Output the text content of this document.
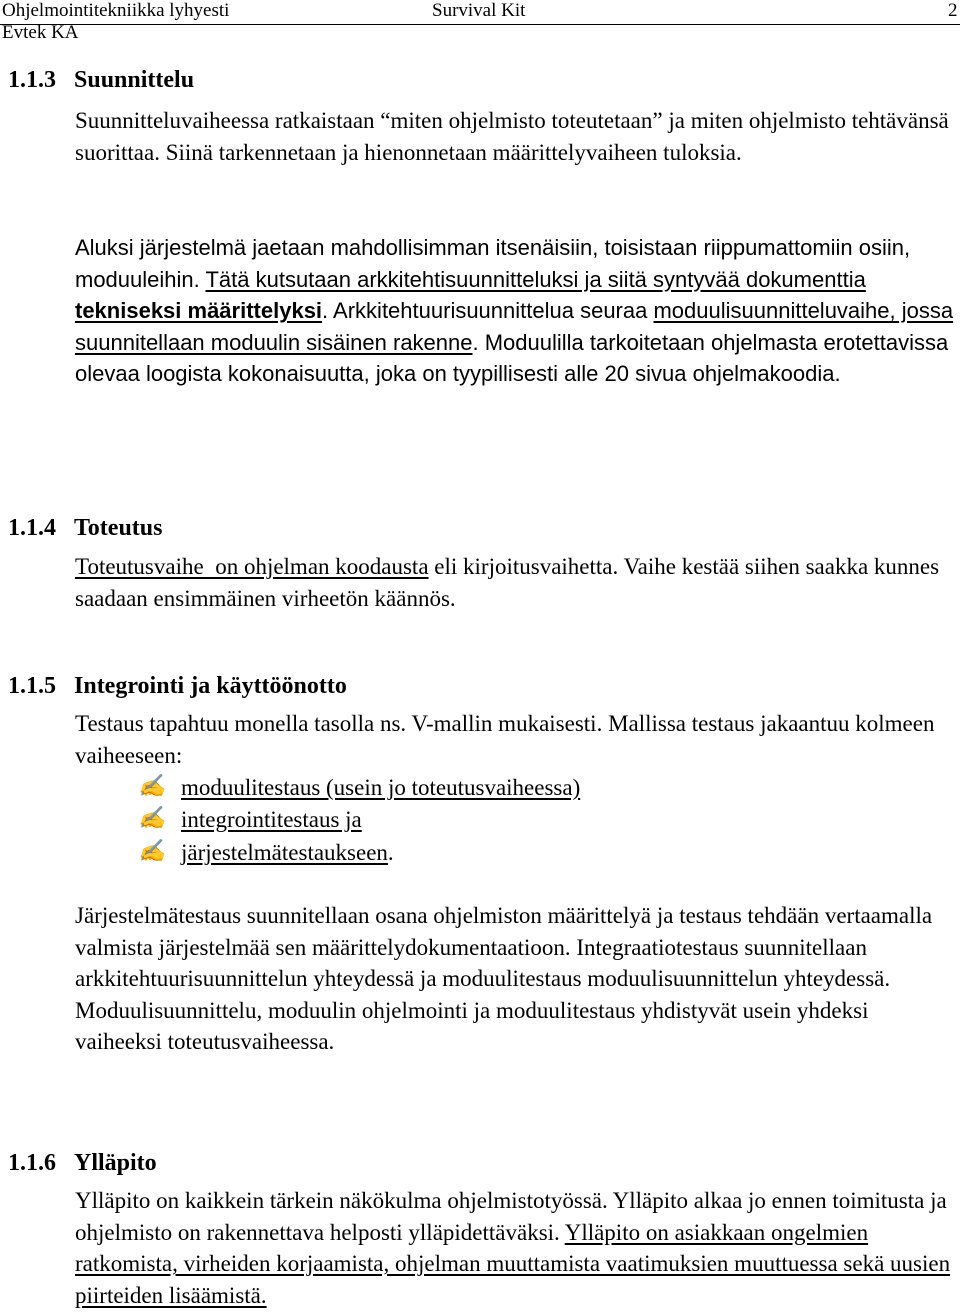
Ohjelmointitekniikka lyhyesti
Evtek KA
Survival Kit	2
1.1.3 Suunnittelu
Suunnitteluvaiheessa ratkaistaan “miten ohjelmisto toteutetaan” ja miten ohjelmisto tehtävänsä suorittaa. Siinä tarkennetaan ja hienonnetaan määrittelyvaiheen tuloksia.
Aluksi järjestelmä jaetaan mahdollisimman itsenäisiin, toisistaan riippumattomiin osiin, moduuleihin. Tätä kutsutaan arkkitehtisuunnitteluksi ja siitä syntyvää dokumenttia tekniseksi määrittelyksi. Arkkitehtuurisuunnittelua seuraa moduulisuunnitteluvaihe, jossa suunnitellaan moduulin sisäinen rakenne. Moduulilla tarkoitetaan ohjelmasta erotettavissa olevaa loogista kokonaisuutta, joka on tyypillisesti alle 20 sivua ohjelmakoodia.
1.1.4 Toteutus
Toteutusvaihe  on ohjelman koodausta eli kirjoitusvaihetta. Vaihe kestää siihen saakka kunnes saadaan ensimmäinen virheetön käännös.
1.1.5 Integrointi ja käyttöönotto
Testaus tapahtuu monella tasolla ns. V-mallin mukaisesti. Mallissa testaus jakaantuu kolmeen vaiheeseen:
✍ moduulitestaus (usein jo toteutusvaiheessa)
✍ integrointitestaus ja
✍ järjestelmätestaukseen.
Järjestelmätestaus suunnitellaan osana ohjelmiston määrittelyä ja testaus tehdään vertaamalla valmista järjestelmää sen määrittelydokumentaatioon. Integraatiotestaus suunnitellaan arkkitehtuurisuunnittelun yhteydessä ja moduulitestaus moduulisuunnittelun yhteydessä. Moduulisuunnittelu, moduulin ohjelmointi ja moduulitestaus yhdistyvät usein yhdeksi vaiheeksi toteutusvaiheessa.
1.1.6 Ylläpito
Ylläpito on kaikkein tärkein näkökulma ohjelmistotyössä. Ylläpito alkaa jo ennen toimitusta ja ohjelmisto on rakennettava helposti ylläpidettäväksi. Ylläpito on asiakkaan ongelmien ratkomista, virheiden korjaamista, ohjelman muuttamista vaatimuksien muuttuessa sekä uusien piirteiden lisäämistä.
